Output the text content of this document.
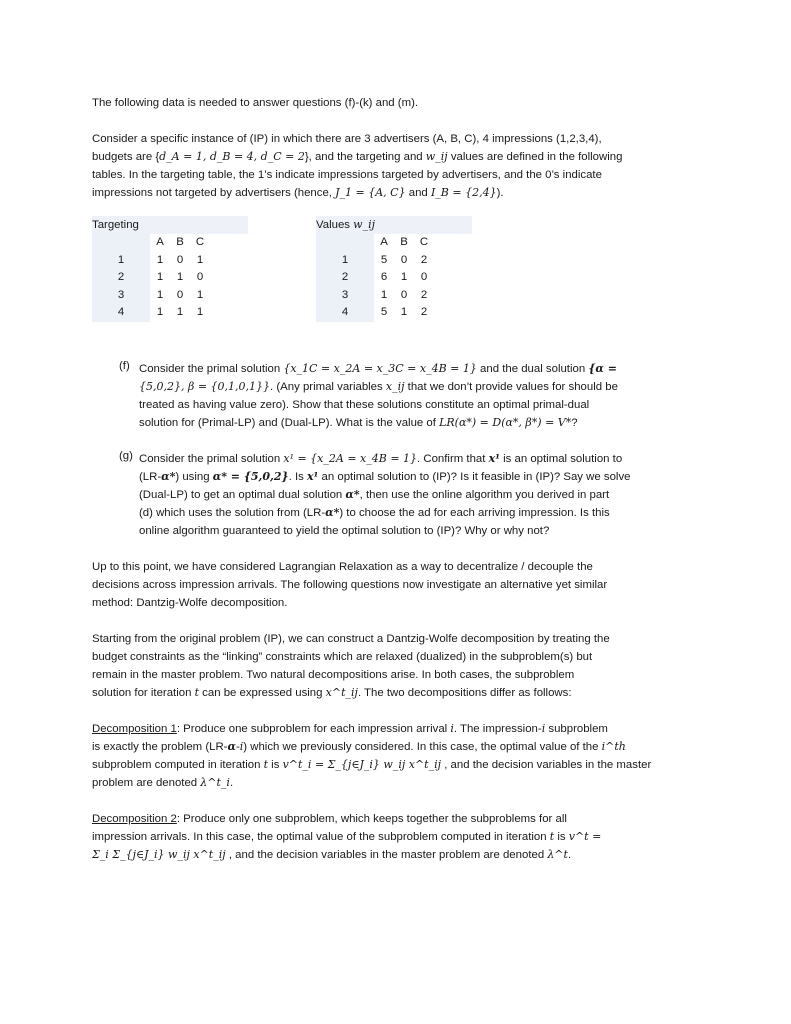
The following data is needed to answer questions (f)-(k) and (m).

Consider a specific instance of (IP) in which there are 3 advertisers (A, B, C), 4 impressions (1,2,3,4),

budgets are {d_A = 1, d_B = 4, d_C = 2}, and the targeting and w_ij values are defined in the following

tables. In the targeting table, the 1’s indicate impressions targeted by advertisers, and the 0’s indicate

impressions not targeted by advertisers (hence, J_1 = {A, C} and I_B = {2,4}).

Targeting
	A	B	C
1	1	0	1
2	1	1	0
3	1	0	1
4	1	1	1
Values w_ij
	A	B	C
1	5	0	2
2	6	1	0
3	1	0	2
4	5	1	2
(f) Consider the primal solution {x_1C = x_2A = x_3C = x_4B = 1} and the dual solution {α =

{5,0,2}, β = {0,1,0,1}}. (Any primal variables x_ij that we don’t provide values for should be

treated as having value zero). Show that these solutions constitute an optimal primal-dual

solution for (Primal-LP) and (Dual-LP). What is the value of LR(α*) = D(α*, β*) = V*?

(g) Consider the primal solution x¹ = {x_2A = x_4B = 1}. Confirm that x¹ is an optimal solution to

(LR-α*) using α* = {5,0,2}. Is x¹ an optimal solution to (IP)? Is it feasible in (IP)? Say we solve

(Dual-LP) to get an optimal dual solution α*, then use the online algorithm you derived in part

(d) which uses the solution from (LR-α*) to choose the ad for each arriving impression. Is this

online algorithm guaranteed to yield the optimal solution to (IP)? Why or why not?

Up to this point, we have considered Lagrangian Relaxation as a way to decentralize / decouple the

decisions across impression arrivals. The following questions now investigate an alternative yet similar

method: Dantzig-Wolfe decomposition.

Starting from the original problem (IP), we can construct a Dantzig-Wolfe decomposition by treating the

budget constraints as the “linking” constraints which are relaxed (dualized) in the subproblem(s) but

remain in the master problem. Two natural decompositions arise. In both cases, the subproblem

solution for iteration t can be expressed using x^t_ij. The two decompositions differ as follows:

Decomposition 1: Produce one subproblem for each impression arrival i. The impression-i subproblem

is exactly the problem (LR-α-i) which we previously considered. In this case, the optimal value of the i^th

subproblem computed in iteration t is v^t_i = Σ_{j∈J_i} w_ij x^t_ij , and the decision variables in the master

problem are denoted λ^t_i.

Decomposition 2: Produce only one subproblem, which keeps together the subproblems for all

impression arrivals. In this case, the optimal value of the subproblem computed in iteration t is v^t =

Σ_i Σ_{j∈J_i} w_ij x^t_ij , and the decision variables in the master problem are denoted λ^t.
